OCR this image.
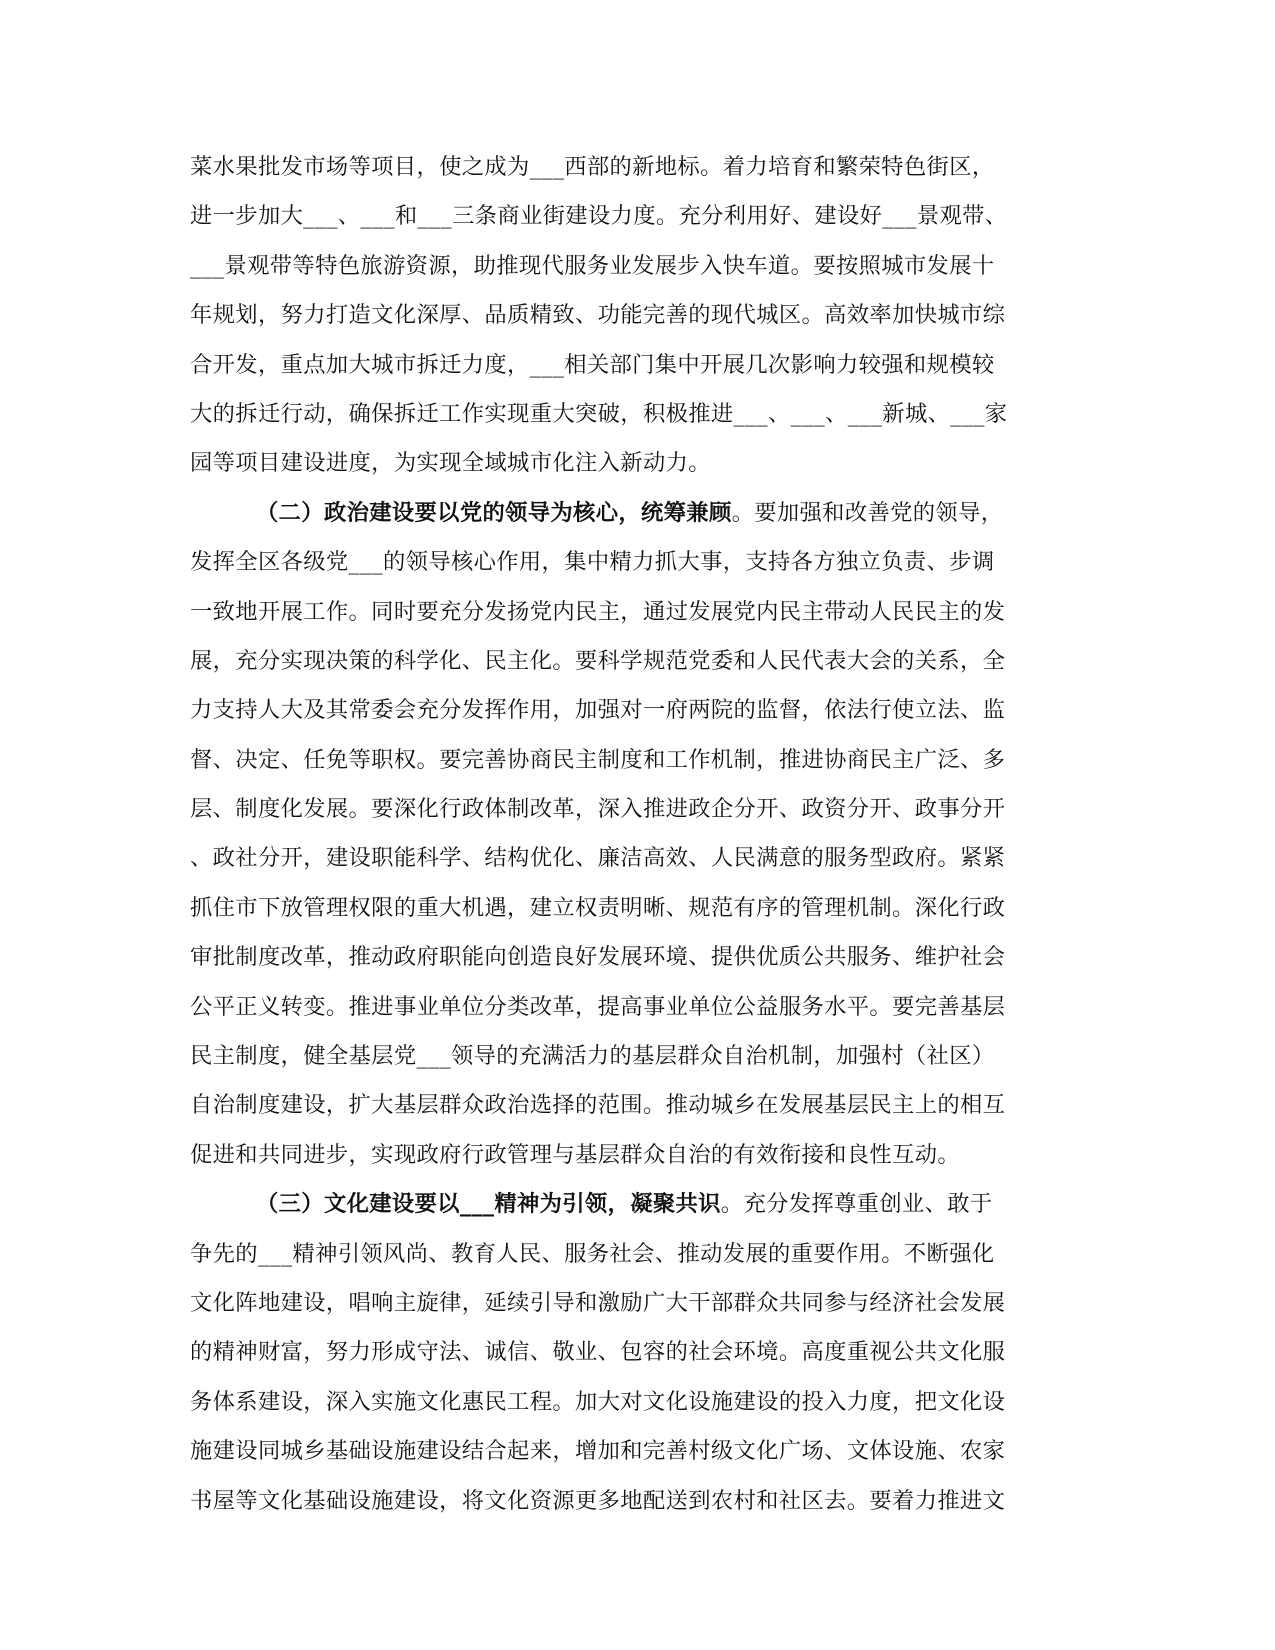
菜水果批发市场等项目，使之成为___西部的新地标。着力培育和繁荣特色街区，
进一步加大___、___和___三条商业街建设力度。充分利用好、建设好___景观带、
___景观带等特色旅游资源，助推现代服务业发展步入快车道。要按照城市发展十
年规划，努力打造文化深厚、品质精致、功能完善的现代城区。高效率加快城市综
合开发，重点加大城市拆迁力度，___相关部门集中开展几次影响力较强和规模较
大的拆迁行动，确保拆迁工作实现重大突破，积极推进___、___、___新城、___家
园等项目建设进度，为实现全域城市化注入新动力。
（二）政治建设要以党的领导为核心，统筹兼顾。要加强和改善党的领导，
发挥全区各级党___的领导核心作用，集中精力抓大事，支持各方独立负责、步调
一致地开展工作。同时要充分发扬党内民主，通过发展党内民主带动人民民主的发
展，充分实现决策的科学化、民主化。要科学规范党委和人民代表大会的关系，全
力支持人大及其常委会充分发挥作用，加强对一府两院的监督，依法行使立法、监
督、决定、任免等职权。要完善协商民主制度和工作机制，推进协商民主广泛、多
层、制度化发展。要深化行政体制改革，深入推进政企分开、政资分开、政事分开
、政社分开，建设职能科学、结构优化、廉洁高效、人民满意的服务型政府。紧紧
抓住市下放管理权限的重大机遇，建立权责明晰、规范有序的管理机制。深化行政
审批制度改革，推动政府职能向创造良好发展环境、提供优质公共服务、维护社会
公平正义转变。推进事业单位分类改革，提高事业单位公益服务水平。要完善基层
民主制度，健全基层党___领导的充满活力的基层群众自治机制，加强村（社区）
自治制度建设，扩大基层群众政治选择的范围。推动城乡在发展基层民主上的相互
促进和共同进步，实现政府行政管理与基层群众自治的有效衔接和良性互动。
（三）文化建设要以___精神为引领，凝聚共识。充分发挥尊重创业、敢于
争先的___精神引领风尚、教育人民、服务社会、推动发展的重要作用。不断强化
文化阵地建设，唱响主旋律，延续引导和激励广大干部群众共同参与经济社会发展
的精神财富，努力形成守法、诚信、敬业、包容的社会环境。高度重视公共文化服
务体系建设，深入实施文化惠民工程。加大对文化设施建设的投入力度，把文化设
施建设同城乡基础设施建设结合起来，增加和完善村级文化广场、文体设施、农家
书屋等文化基础设施建设，将文化资源更多地配送到农村和社区去。要着力推进文
